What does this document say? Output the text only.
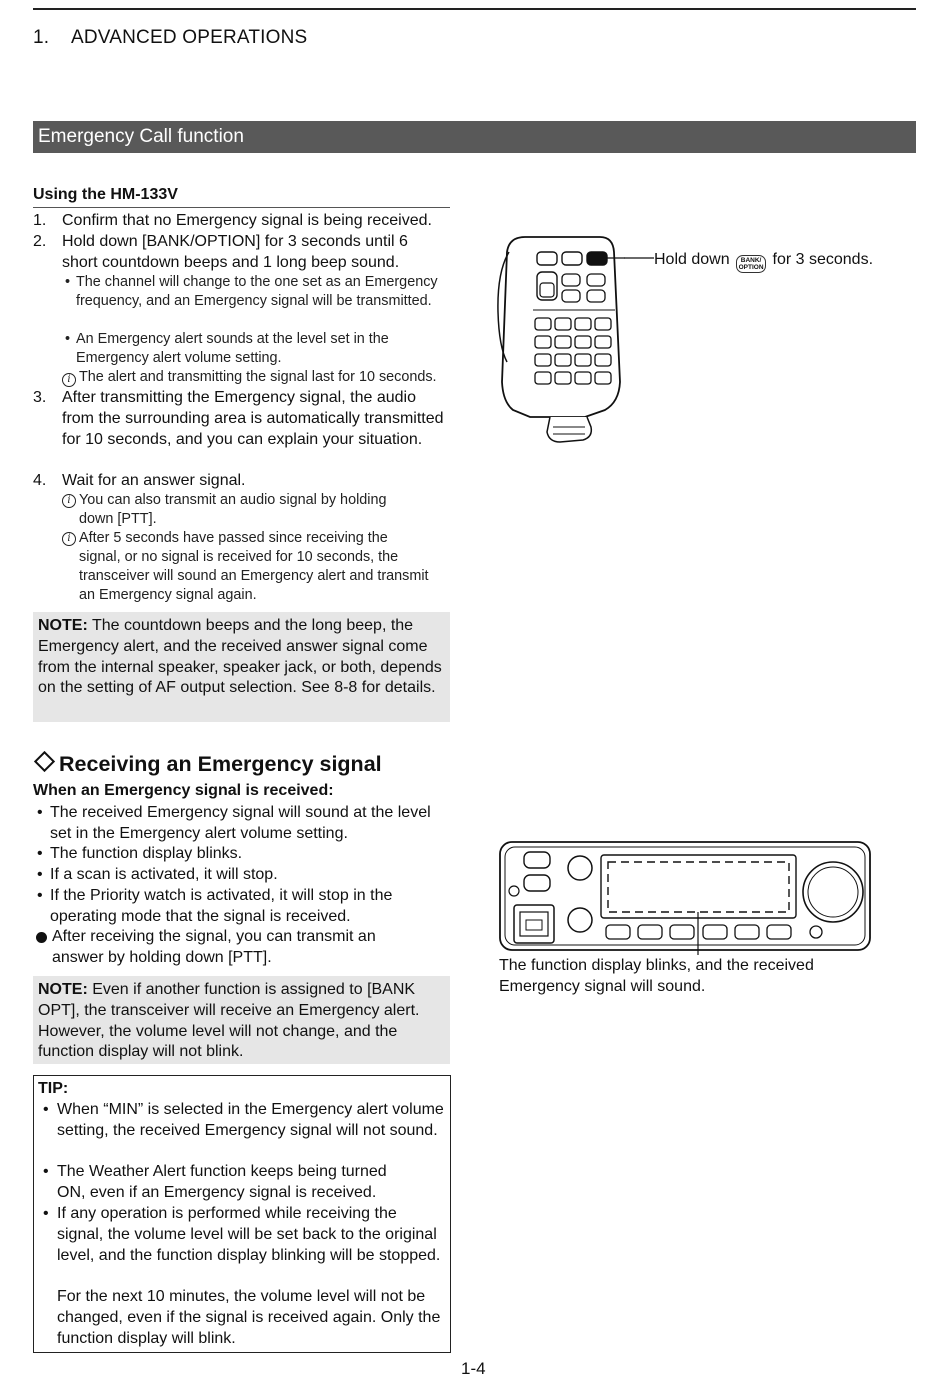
1. ADVANCED OPERATIONS
Emergency Call function
Using the HM-133V
1. Confirm that no Emergency signal is being received.
2. Hold down [BANK/OPTION] for 3 seconds until 6 short countdown beeps and 1 long beep sound.
• The channel will change to the one set as an Emergency frequency, and an Emergency signal will be transmitted.
• An Emergency alert sounds at the level set in the Emergency alert volume setting.
i The alert and transmitting the signal last for 10 seconds.
3. After transmitting the Emergency signal, the audio from the surrounding area is automatically transmitted for 10 seconds, and you can explain your situation.
4. Wait for an answer signal.
i You can also transmit an audio signal by holding down [PTT].
i After 5 seconds have passed since receiving the signal, or no signal is received for 10 seconds, the transceiver will sound an Emergency alert and transmit an Emergency signal again.
NOTE: The countdown beeps and the long beep, the Emergency alert, and the received answer signal come from the internal speaker, speaker jack, or both, depends on the setting of AF output selection. See 8-8 for details.
Receiving an Emergency signal
When an Emergency signal is received:
• The received Emergency signal will sound at the level set in the Emergency alert volume setting.
• The function display blinks.
• If a scan is activated, it will stop.
• If the Priority watch is activated, it will stop in the operating mode that the signal is received.
After receiving the signal, you can transmit an answer by holding down [PTT].
NOTE: Even if another function is assigned to [BANK OPT], the transceiver will receive an Emergency alert. However, the volume level will not change, and the function display will not blink.
TIP:
• When “MIN” is selected in the Emergency alert volume setting, the received Emergency signal will not sound.
• The Weather Alert function keeps being turned ON, even if an Emergency signal is received.
• If any operation is performed while receiving the signal, the volume level will be set back to the original level, and the function display blinking will be stopped.
For the next 10 minutes, the volume level will not be changed, even if the signal is received again. Only the function display will blink.
1-4
Hold down BANK/
OPTION for 3 seconds.
The function display blinks, and the received Emergency signal will sound.
